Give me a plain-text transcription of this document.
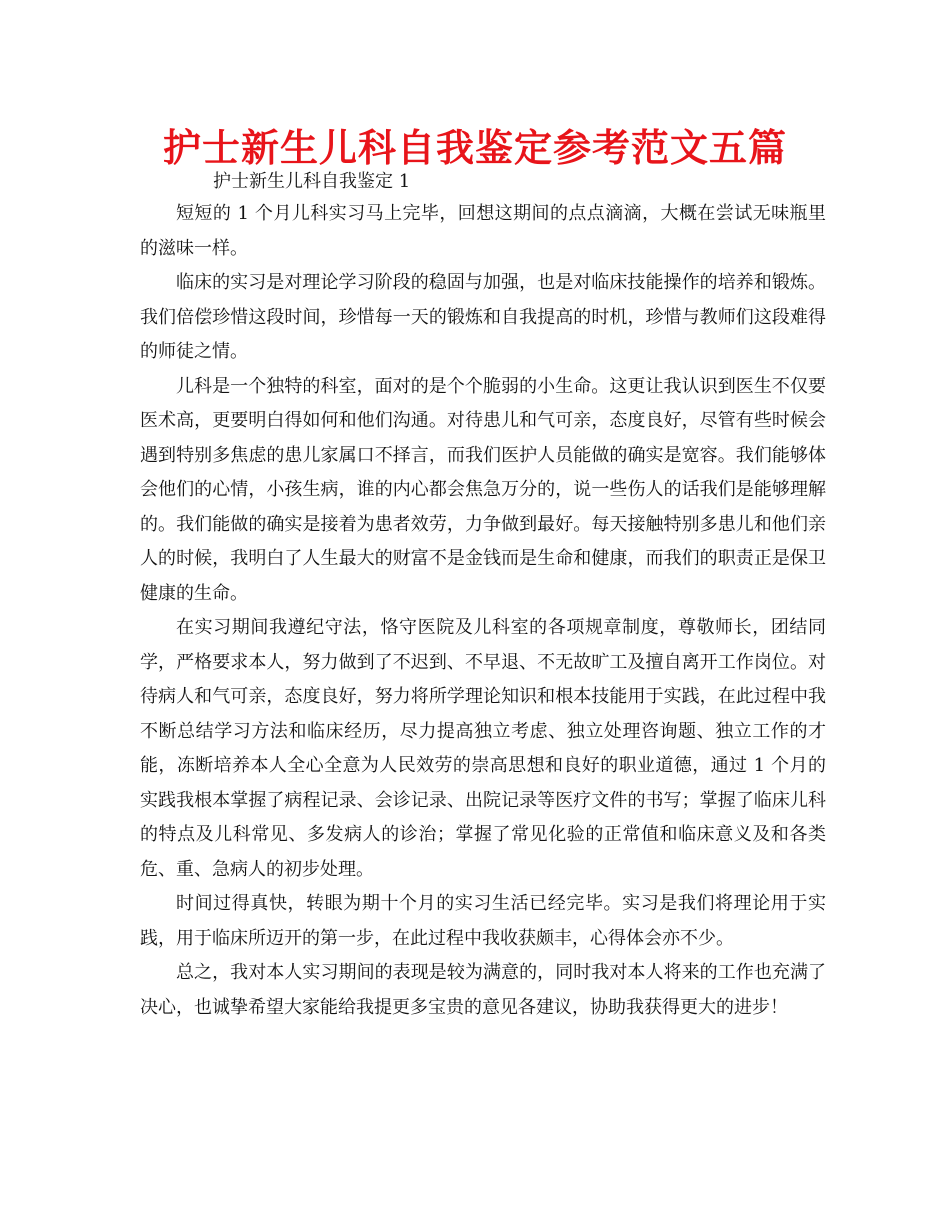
护士新生儿科自我鉴定参考范文五篇

护士新生儿科自我鉴定 1

短短的 1 个月儿科实习马上完毕，回想这期间的点点滴滴，大概在尝试无味瓶里的滋味一样。

临床的实习是对理论学习阶段的稳固与加强，也是对临床技能操作的培养和锻炼。我们倍偿珍惜这段时间，珍惜每一天的锻炼和自我提高的时机，珍惜与教师们这段难得的师徒之情。

儿科是一个独特的科室，面对的是个个脆弱的小生命。这更让我认识到医生不仅要医术高，更要明白得如何和他们沟通。对待患儿和气可亲，态度良好，尽管有些时候会遇到特别多焦虑的患儿家属口不择言，而我们医护人员能做的确实是宽容。我们能够体会他们的心情，小孩生病，谁的内心都会焦急万分的，说一些伤人的话我们是能够理解的。我们能做的确实是接着为患者效劳，力争做到最好。每天接触特别多患儿和他们亲人的时候，我明白了人生最大的财富不是金钱而是生命和健康，而我们的职责正是保卫健康的生命。

在实习期间我遵纪守法，恪守医院及儿科室的各项规章制度，尊敬师长，团结同学，严格要求本人，努力做到了不迟到、不早退、不无故旷工及擅自离开工作岗位。对待病人和气可亲，态度良好，努力将所学理论知识和根本技能用于实践，在此过程中我不断总结学习方法和临床经历，尽力提高独立考虑、独立处理咨询题、独立工作的才能，冻断培养本人全心全意为人民效劳的崇高思想和良好的职业道德，通过 1 个月的实践我根本掌握了病程记录、会诊记录、出院记录等医疗文件的书写；掌握了临床儿科的特点及儿科常见、多发病人的诊治；掌握了常见化验的正常值和临床意义及和各类危、重、急病人的初步处理。

时间过得真快，转眼为期十个月的实习生活已经完毕。实习是我们将理论用于实践，用于临床所迈开的第一步，在此过程中我收获颇丰，心得体会亦不少。

总之，我对本人实习期间的表现是较为满意的，同时我对本人将来的工作也充满了决心，也诚挚希望大家能给我提更多宝贵的意见各建议，协助我获得更大的进步！
